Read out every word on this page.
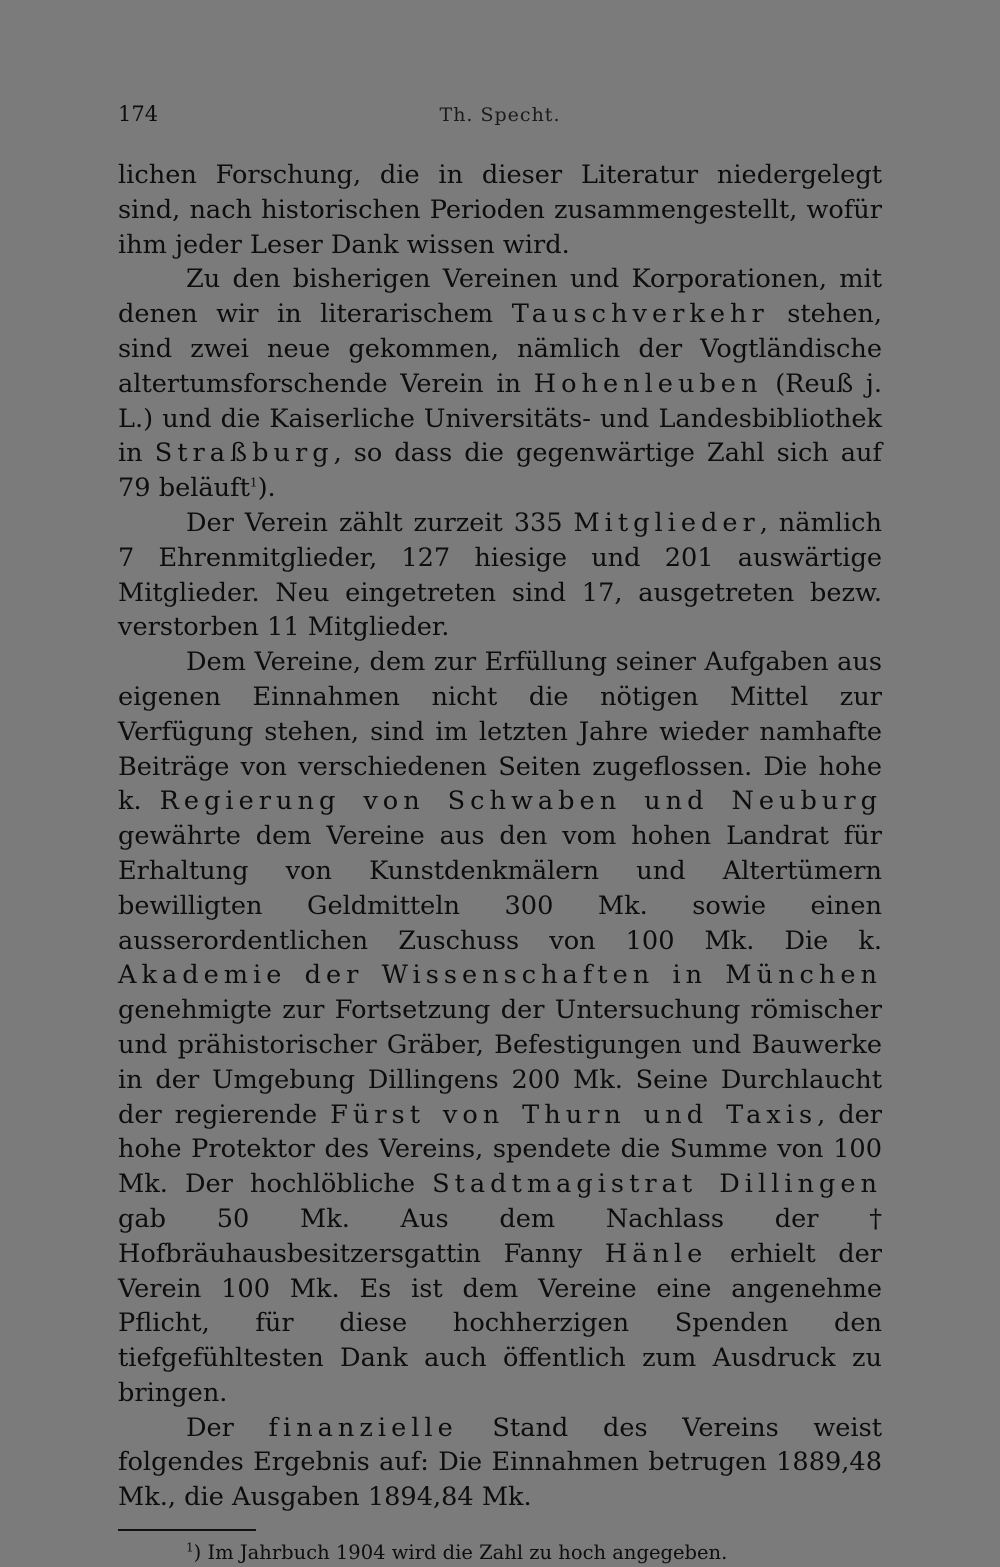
174	Th. Specht.

lichen Forschung, die in dieser Literatur niedergelegt sind, nach historischen Perioden zusammengestellt, wofür ihm jeder Leser Dank wissen wird.

Zu den bisherigen Vereinen und Korporationen, mit denen wir in literarischem Tauschverkehr stehen, sind zwei neue gekommen, nämlich der Vogtländische altertumsforschende Verein in Hohenleuben (Reuß j. L.) und die Kaiserliche Universitäts- und Landesbibliothek in Straßburg, so dass die gegenwärtige Zahl sich auf 79 beläuft$^1$).

Der Verein zählt zurzeit 335 Mitglieder, nämlich 7 Ehrenmitglieder, 127 hiesige und 201 auswärtige Mitglieder. Neu eingetreten sind 17, ausgetreten bezw. verstorben 11 Mitglieder.

Dem Vereine, dem zur Erfüllung seiner Aufgaben aus eigenen Einnahmen nicht die nötigen Mittel zur Verfügung stehen, sind im letzten Jahre wieder namhafte Beiträge von verschiedenen Seiten zugeflossen. Die hohe k. Regierung von Schwaben und Neuburg gewährte dem Vereine aus den vom hohen Landrat für Erhaltung von Kunstdenkmälern und Altertümern bewilligten Geldmitteln 300 Mk. sowie einen ausserordentlichen Zuschuss von 100 Mk. Die k. Akademie der Wissenschaften in München genehmigte zur Fortsetzung der Untersuchung römischer und prähistorischer Gräber, Befestigungen und Bauwerke in der Umgebung Dillingens 200 Mk. Seine Durchlaucht der regierende Fürst von Thurn und Taxis, der hohe Protektor des Vereins, spendete die Summe von 100 Mk. Der hochlöbliche Stadtmagistrat Dillingen gab 50 Mk. Aus dem Nachlass der † Hofbräuhausbesitzersgattin Fanny Hänle erhielt der Verein 100 Mk. Es ist dem Vereine eine angenehme Pflicht, für diese hochherzigen Spenden den tiefgefühltesten Dank auch öffentlich zum Ausdruck zu bringen.

Der finanzielle Stand des Vereins weist folgendes Ergebnis auf: Die Einnahmen betrugen 1889,48 Mk., die Ausgaben 1894,84 Mk.

$^1$) Im Jahrbuch 1904 wird die Zahl zu hoch angegeben.
